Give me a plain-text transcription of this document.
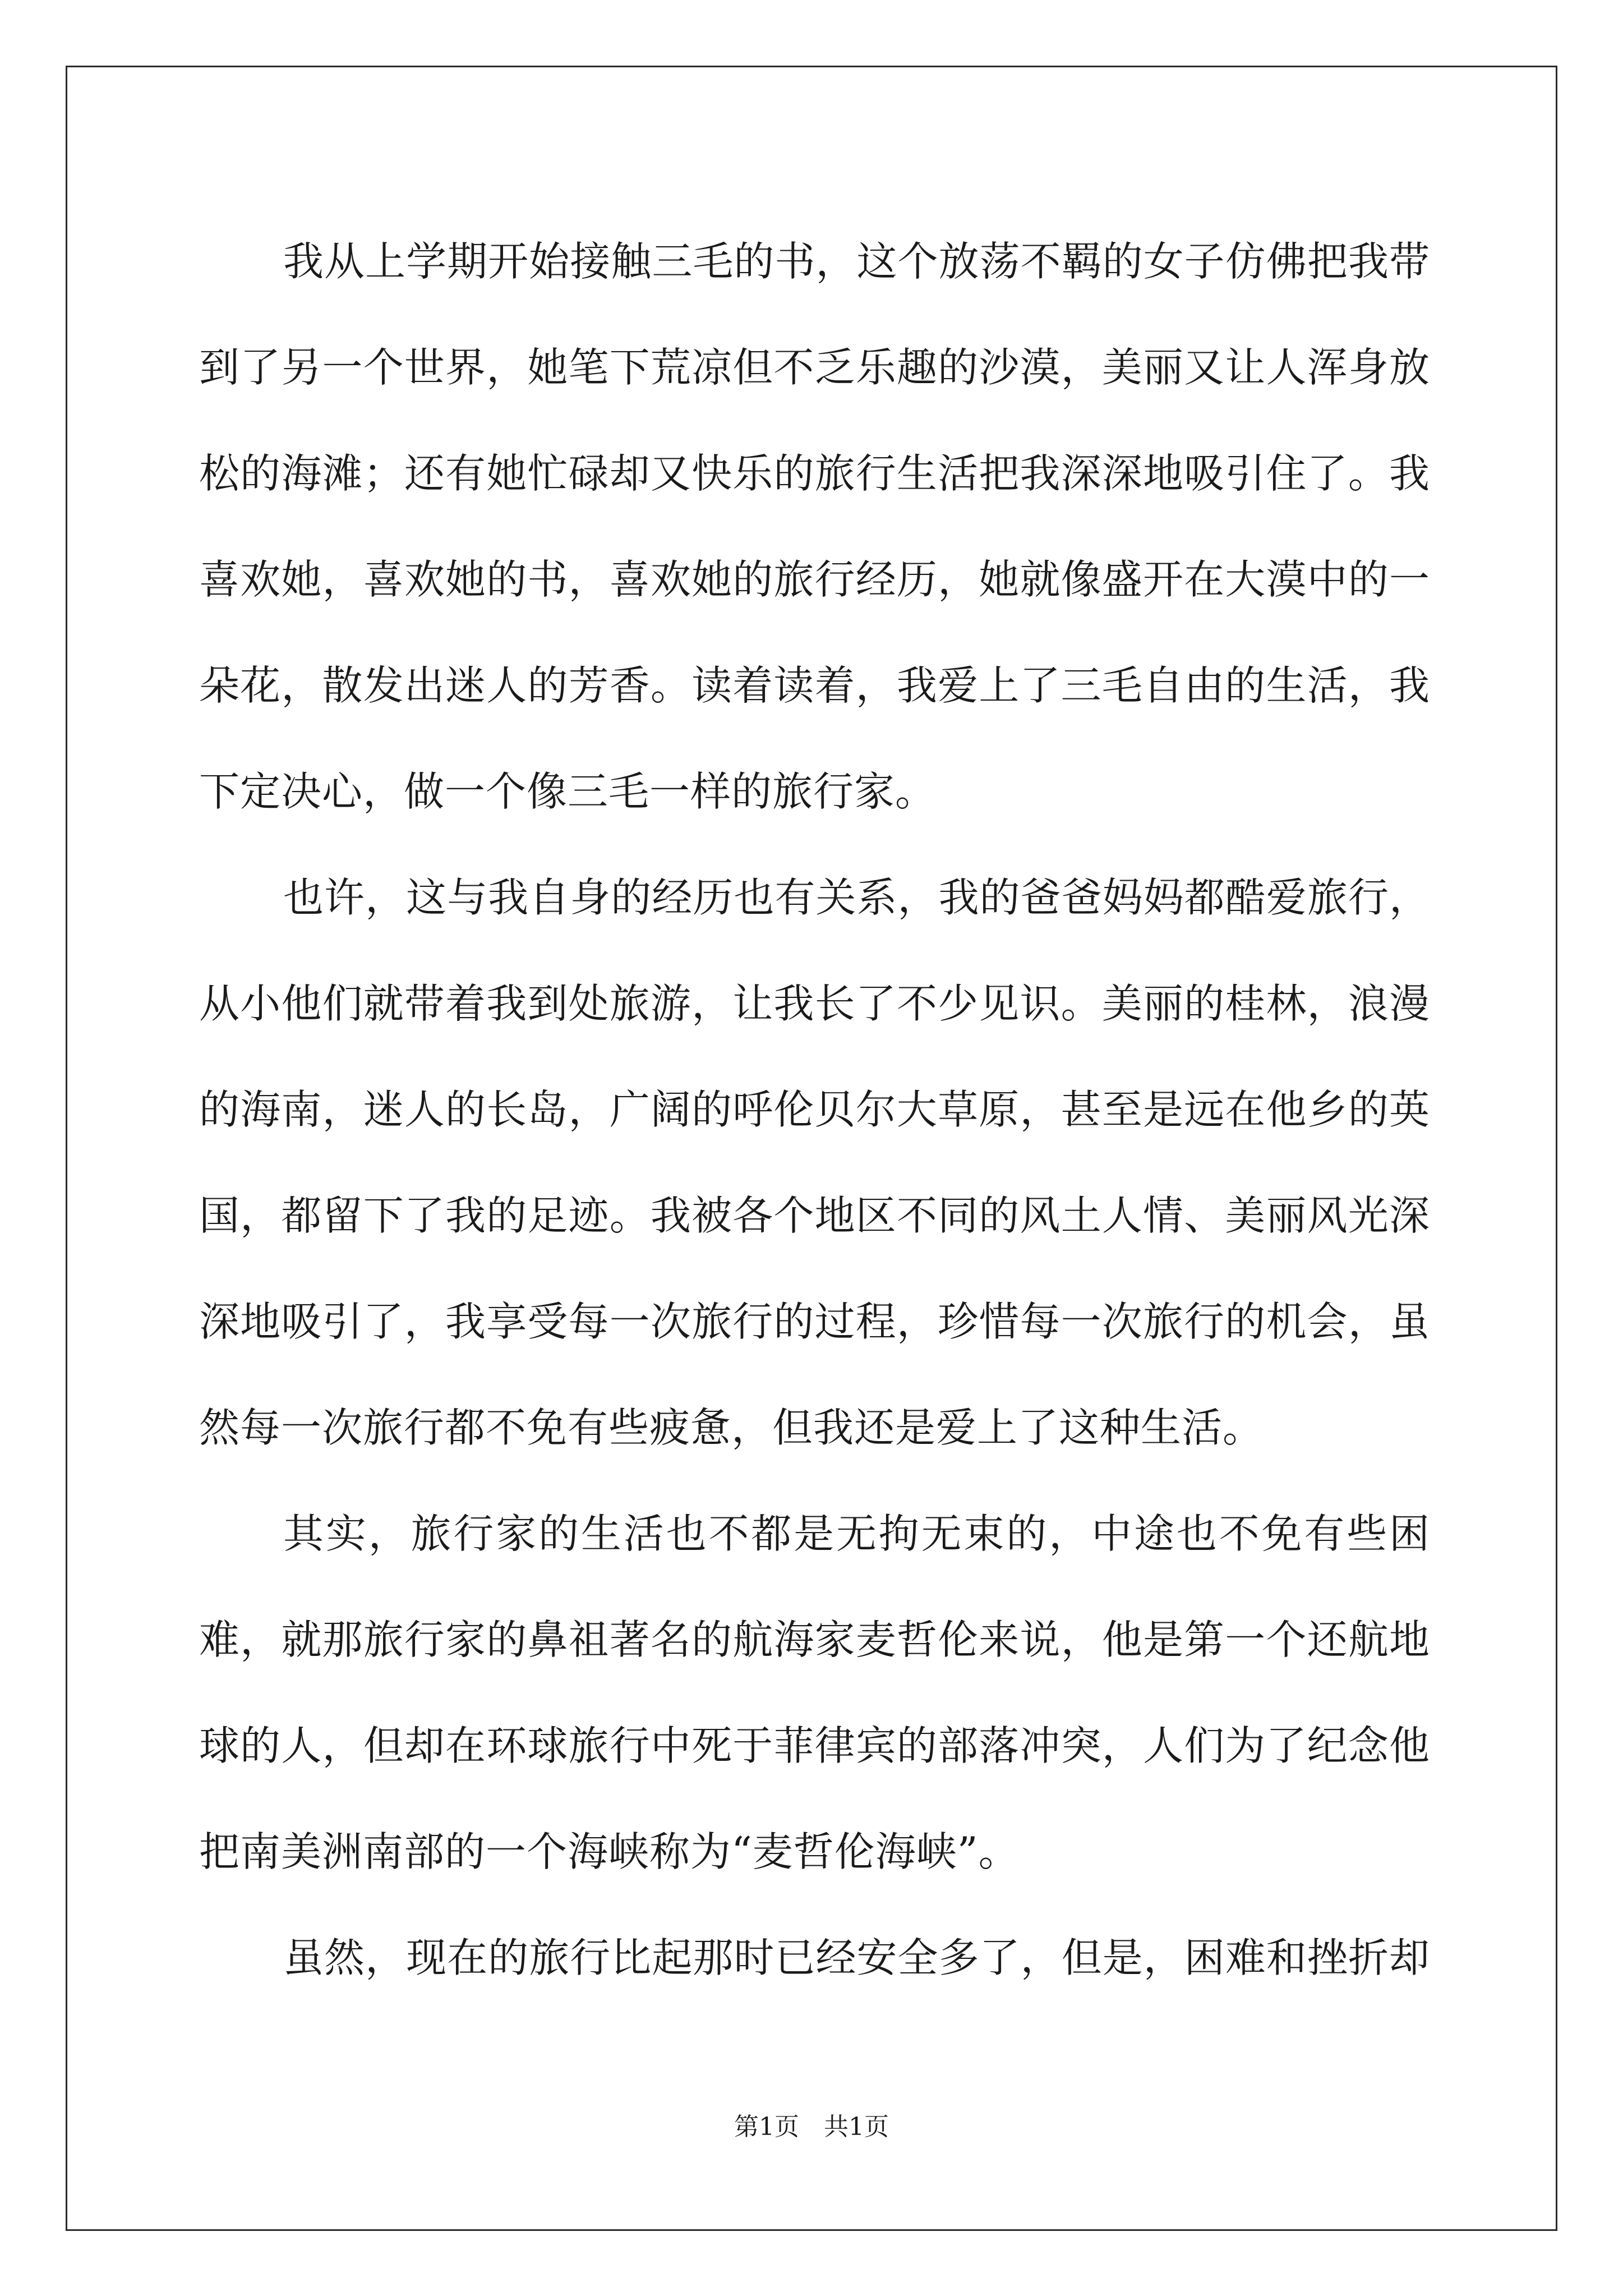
我从上学期开始接触三毛的书，这个放荡不羁的女子仿佛把我带到了另一个世界，她笔下荒凉但不乏乐趣的沙漠，美丽又让人浑身放松的海滩；还有她忙碌却又快乐的旅行生活把我深深地吸引住了。我喜欢她，喜欢她的书，喜欢她的旅行经历，她就像盛开在大漠中的一朵花，散发出迷人的芳香。读着读着，我爱上了三毛自由的生活，我下定决心，做一个像三毛一样的旅行家。

也许，这与我自身的经历也有关系，我的爸爸妈妈都酷爱旅行，从小他们就带着我到处旅游，让我长了不少见识。美丽的桂林，浪漫的海南，迷人的长岛，广阔的呼伦贝尔大草原，甚至是远在他乡的英国，都留下了我的足迹。我被各个地区不同的风土人情、美丽风光深深地吸引了，我享受每一次旅行的过程，珍惜每一次旅行的机会，虽然每一次旅行都不免有些疲惫，但我还是爱上了这种生活。

其实，旅行家的生活也不都是无拘无束的，中途也不免有些困难，就那旅行家的鼻祖著名的航海家麦哲伦来说，他是第一个还航地球的人，但却在环球旅行中死于菲律宾的部落冲突，人们为了纪念他把南美洲南部的一个海峡称为“麦哲伦海峡”。

虽然，现在的旅行比起那时已经安全多了，但是，困难和挫折却

第1页　共1页
